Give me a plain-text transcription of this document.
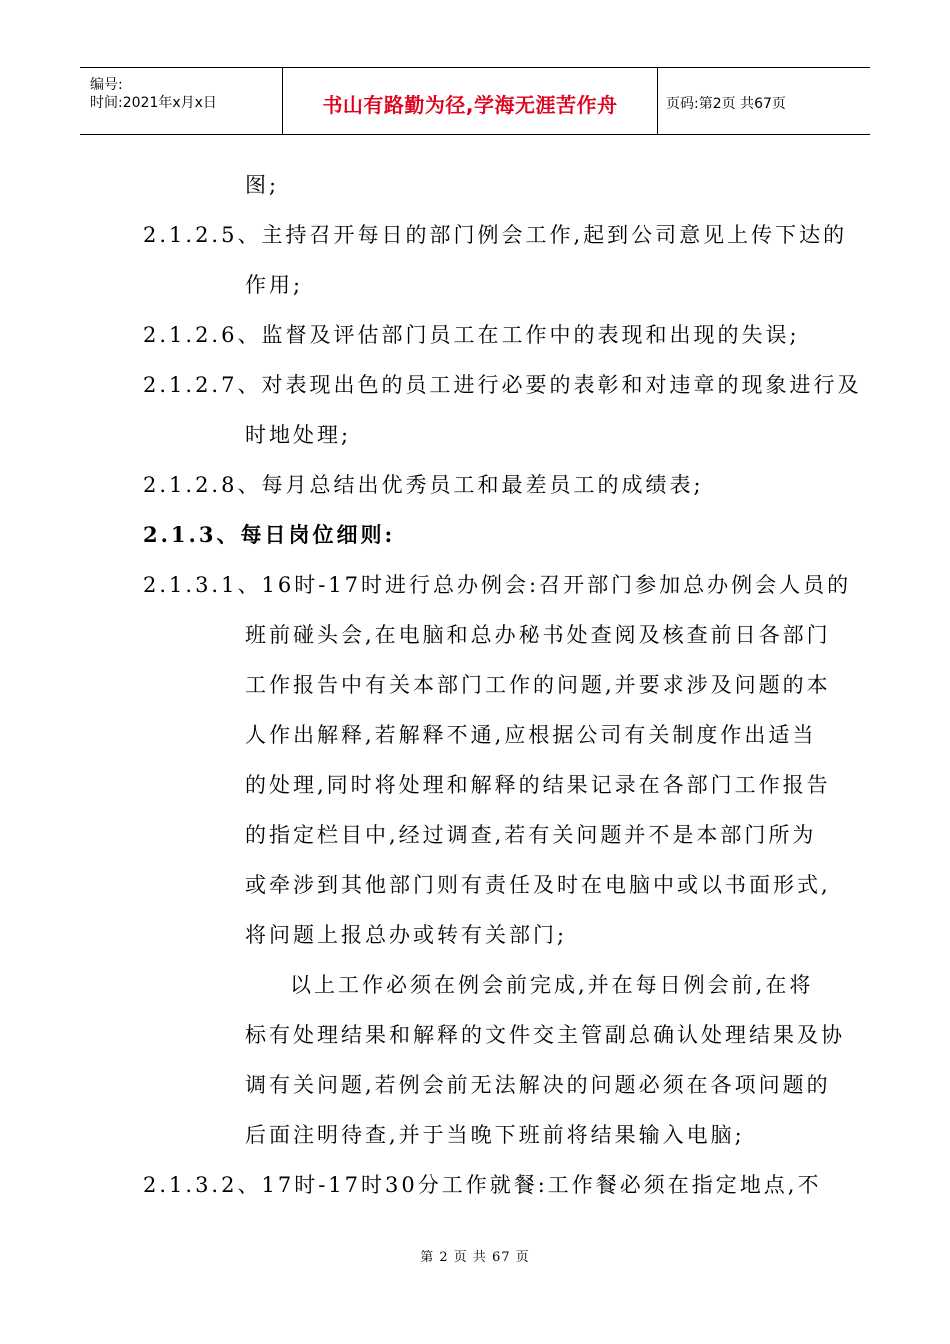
编号:
时间:2021年x月x日	书山有路勤为径,学海无涯苦作舟	页码:第2页 共67页
图;
2.1.2.5、主持召开每日的部门例会工作,起到公司意见上传下达的
作用;
2.1.2.6、监督及评估部门员工在工作中的表现和出现的失误;
2.1.2.7、对表现出色的员工进行必要的表彰和对违章的现象进行及
时地处理;
2.1.2.8、每月总结出优秀员工和最差员工的成绩表;
2.1.3、每日岗位细则:
2.1.3.1、16时-17时进行总办例会:召开部门参加总办例会人员的
班前碰头会,在电脑和总办秘书处查阅及核查前日各部门
工作报告中有关本部门工作的问题,并要求涉及问题的本
人作出解释,若解释不通,应根据公司有关制度作出适当
的处理,同时将处理和解释的结果记录在各部门工作报告
的指定栏目中,经过调查,若有关问题并不是本部门所为
或牵涉到其他部门则有责任及时在电脑中或以书面形式,
将问题上报总办或转有关部门;
以上工作必须在例会前完成,并在每日例会前,在将
标有处理结果和解释的文件交主管副总确认处理结果及协
调有关问题,若例会前无法解决的问题必须在各项问题的
后面注明待查,并于当晚下班前将结果输入电脑;
2.1.3.2、17时-17时30分工作就餐:工作餐必须在指定地点,不
第 2 页 共 67 页
